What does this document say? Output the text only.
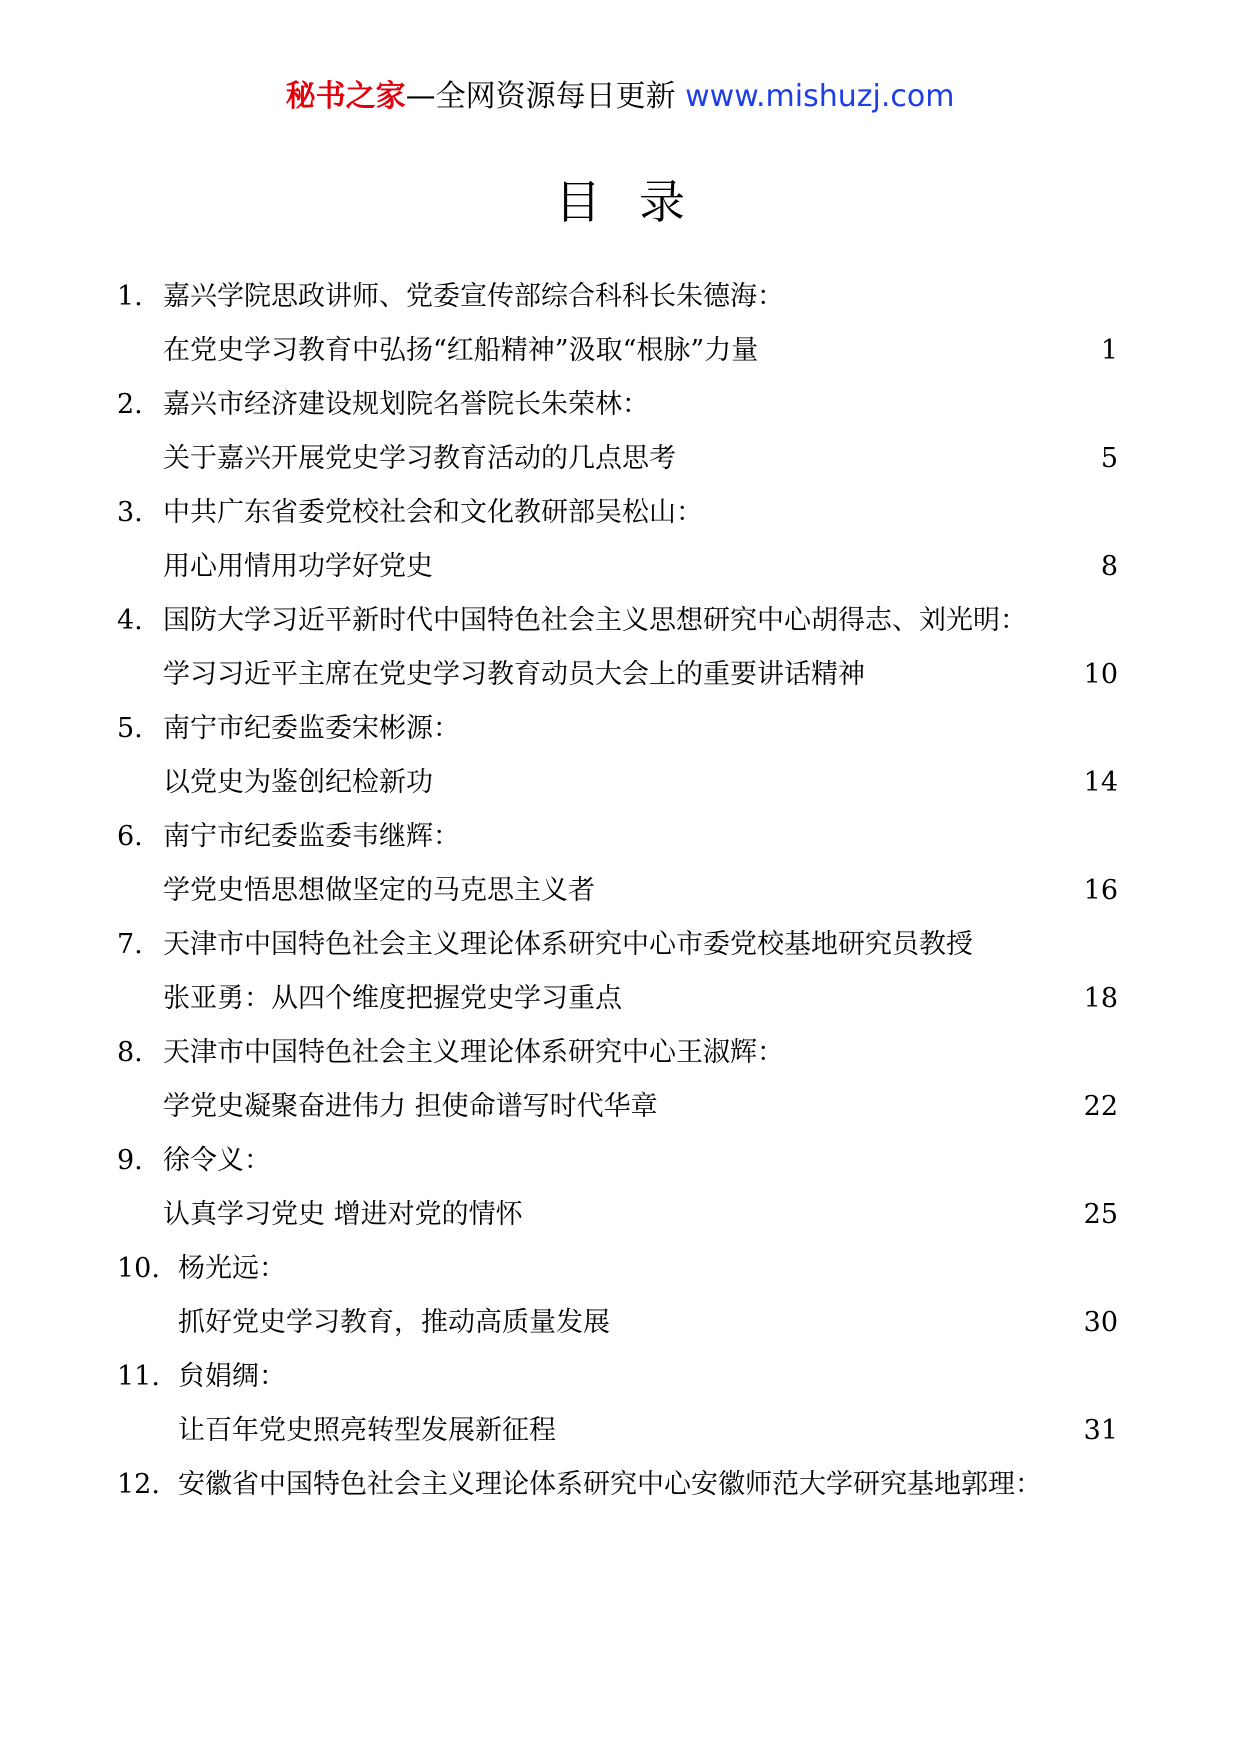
秘书之家—全网资源每日更新 www.mishuzj.com
目录
1. 嘉兴学院思政讲师、党委宣传部综合科科长朱德海：
在党史学习教育中弘扬“红船精神”汲取“根脉”力量	1
2. 嘉兴市经济建设规划院名誉院长朱荣林：
关于嘉兴开展党史学习教育活动的几点思考	5
3. 中共广东省委党校社会和文化教研部吴松山：
用心用情用功学好党史	8
4. 国防大学习近平新时代中国特色社会主义思想研究中心胡得志、刘光明：
学习习近平主席在党史学习教育动员大会上的重要讲话精神	10
5. 南宁市纪委监委宋彬源：
以党史为鉴创纪检新功	14
6. 南宁市纪委监委韦继辉：
学党史悟思想做坚定的马克思主义者	16
7. 天津市中国特色社会主义理论体系研究中心市委党校基地研究员教授
张亚勇：从四个维度把握党史学习重点	18
8. 天津市中国特色社会主义理论体系研究中心王淑辉：
学党史凝聚奋进伟力 担使命谱写时代华章	22
9. 徐令义：
认真学习党史 增进对党的情怀	25
10. 杨光远：
抓好党史学习教育，推动高质量发展	30
11. 贠娟绸：
让百年党史照亮转型发展新征程	31
12. 安徽省中国特色社会主义理论体系研究中心安徽师范大学研究基地郭理：
